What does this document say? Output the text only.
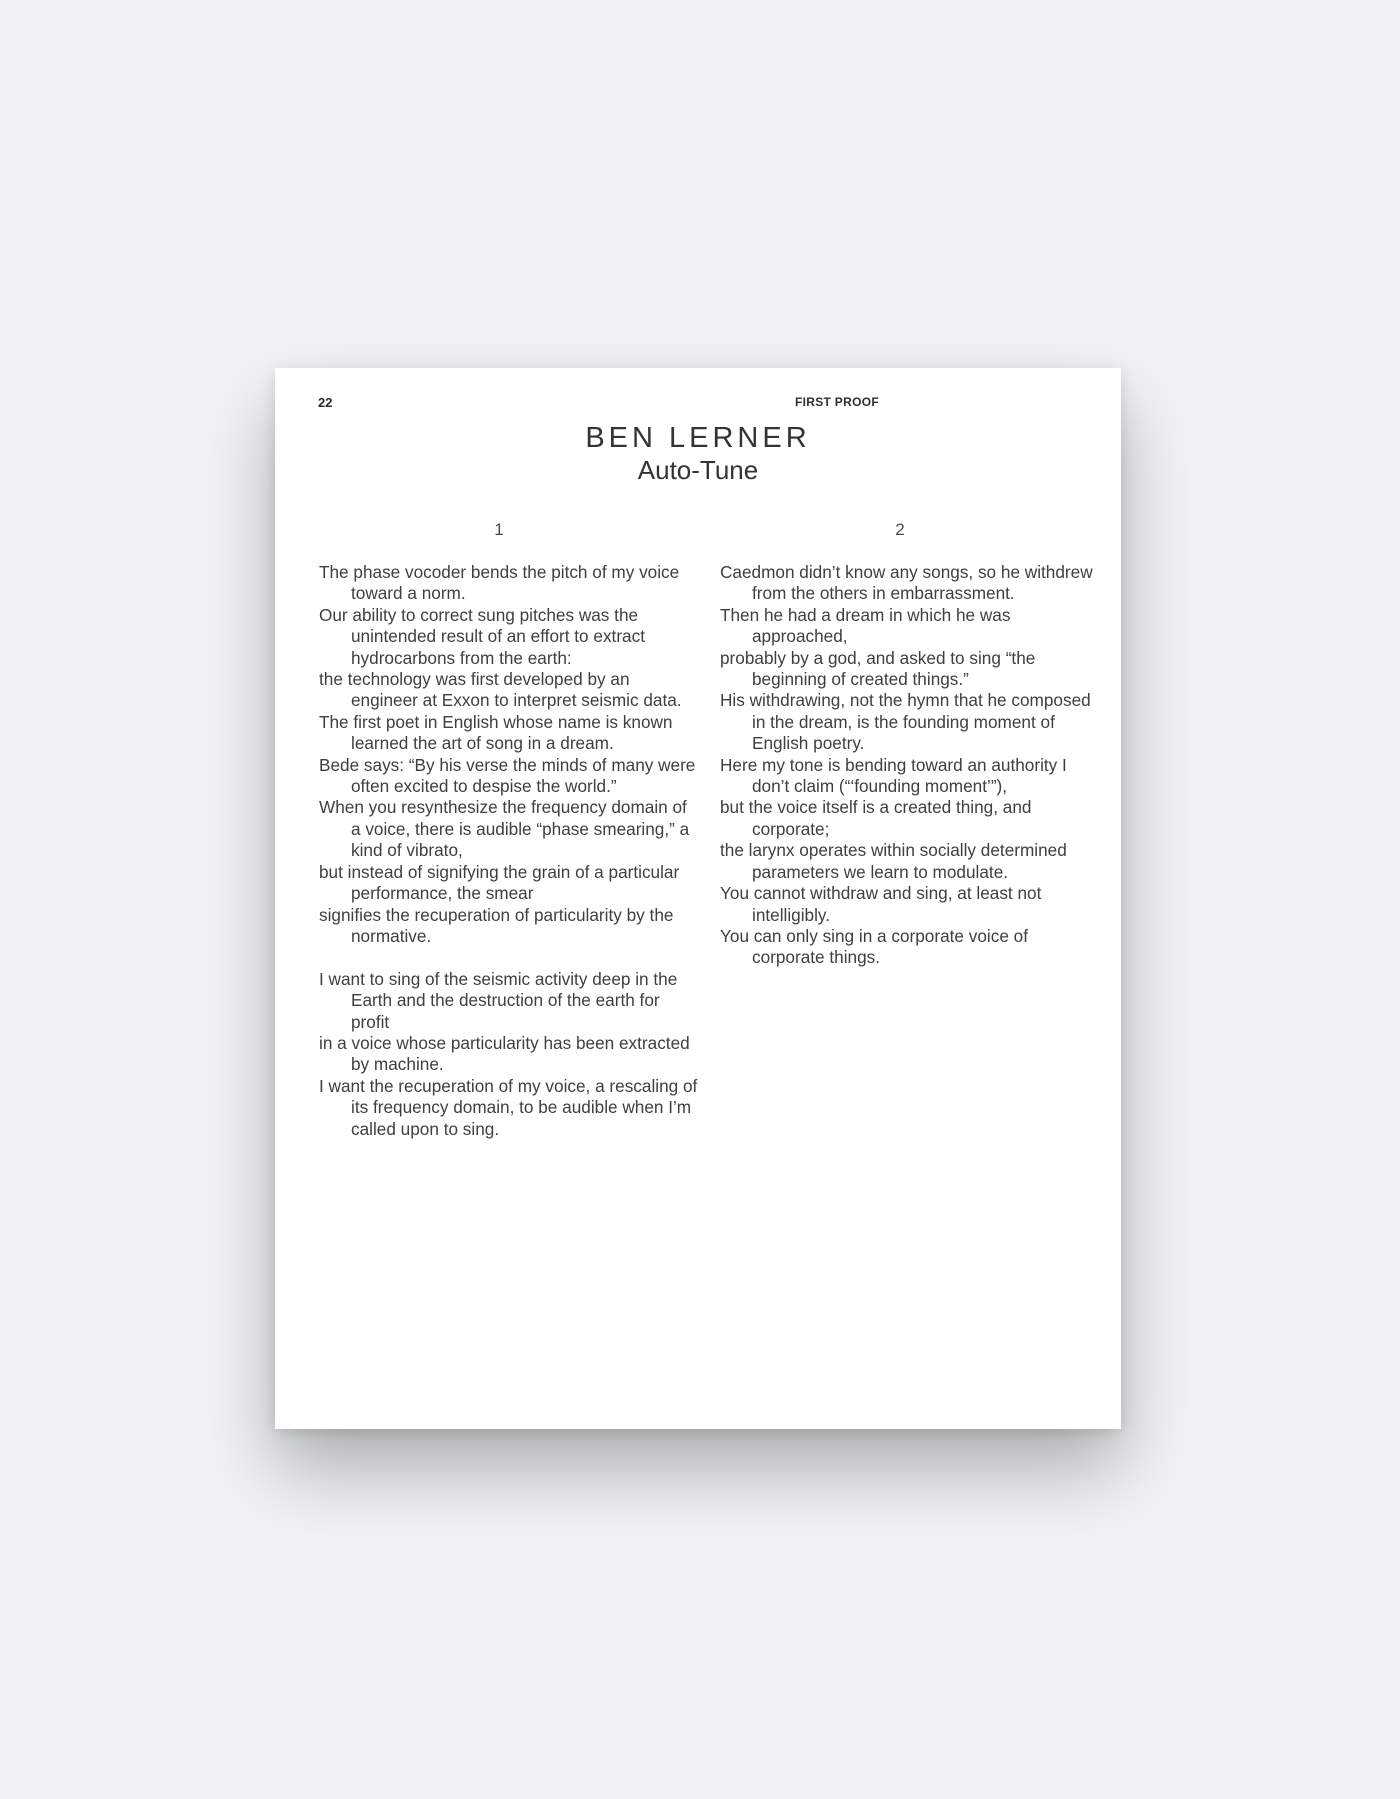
22	FIRST PROOF
BEN LERNER
Auto-Tune
1
The phase vocoder bends the pitch of my voice toward a norm.
Our ability to correct sung pitches was the unintended result of an effort to extract hydrocarbons from the earth:
the technology was first developed by an engineer at Exxon to interpret seismic data.
The first poet in English whose name is known learned the art of song in a dream.
Bede says: “By his verse the minds of many were often excited to despise the world.”
When you resynthesize the frequency domain of a voice, there is audible “phase smearing,” a kind of vibrato,
but instead of signifying the grain of a particular performance, the smear
signifies the recuperation of particularity by the normative.
I want to sing of the seismic activity deep in the Earth and the destruction of the earth for profit
in a voice whose particularity has been extracted by machine.
I want the recuperation of my voice, a rescaling of its frequency domain, to be audible when I’m called upon to sing.
2
Caedmon didn’t know any songs, so he withdrew from the others in embarrassment.
Then he had a dream in which he was approached,
probably by a god, and asked to sing “the beginning of created things.”
His withdrawing, not the hymn that he composed in the dream, is the founding moment of English poetry.
Here my tone is bending toward an authority I don’t claim (“‘founding moment’”),
but the voice itself is a created thing, and corporate;
the larynx operates within socially determined parameters we learn to modulate.
You cannot withdraw and sing, at least not intelligibly.
You can only sing in a corporate voice of corporate things.
